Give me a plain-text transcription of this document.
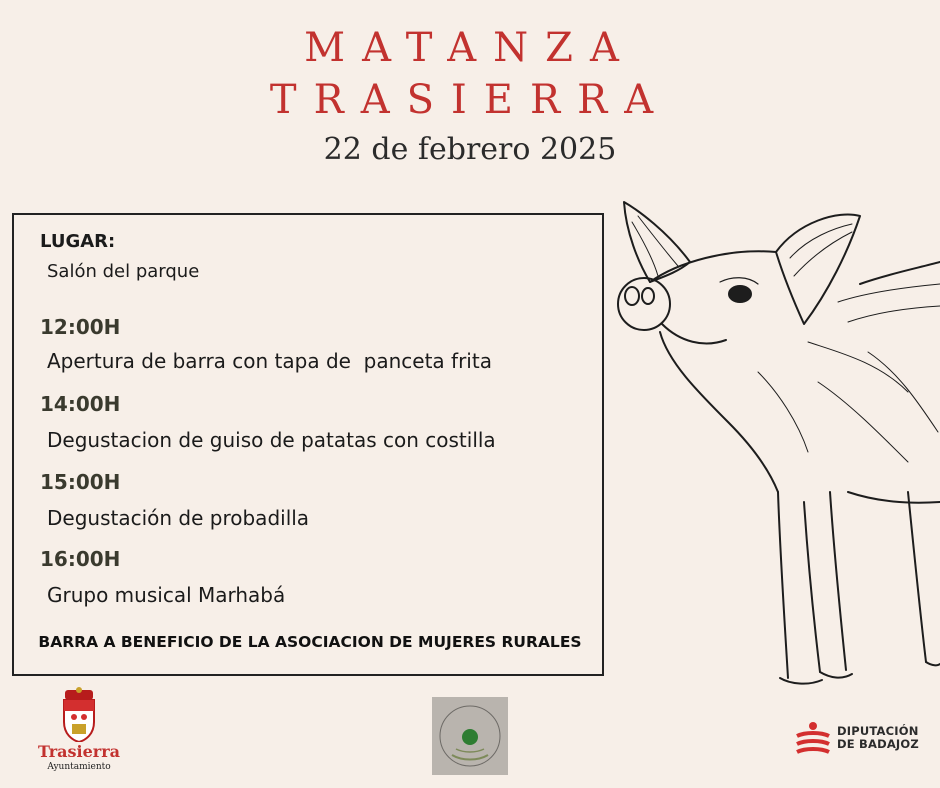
MATANZA
TRASIERRA
22 de febrero 2025
LUGAR:
Salón del parque
12:00H
Apertura de barra con tapa de  panceta frita
14:00H
Degustacion de guiso de patatas con costilla
15:00H
Degustación de probadilla
16:00H
Grupo musical Marhabá
BARRA A BENEFICIO DE LA ASOCIACION DE MUJERES RURALES
Trasierra
Ayuntamiento
DIPUTACIÓN
DE BADAJOZ
